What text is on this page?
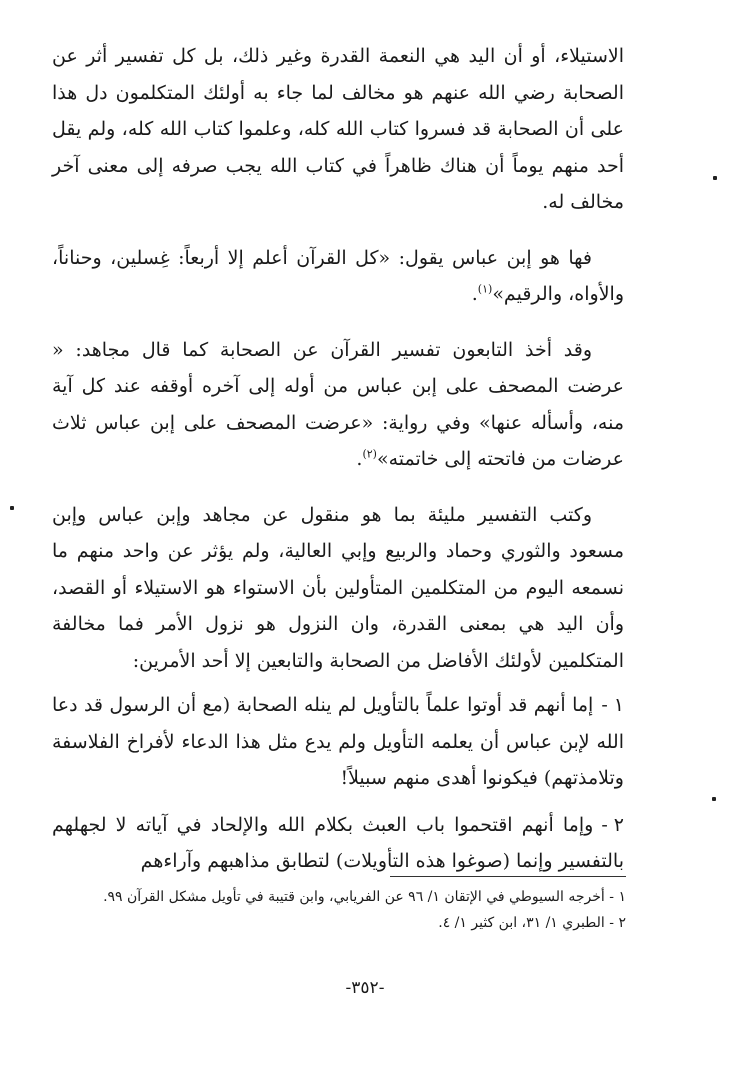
الاستيلاء، أو أن اليد هي النعمة القدرة وغير ذلك، بل كل تفسير أثر عن الصحابة رضي الله عنهم هو مخالف لما جاء به أولئك المتكلمون دل هذا على أن الصحابة قد فسروا كتاب الله كله، وعلموا كتاب الله كله، ولم يقل أحد منهم يوماً أن هناك ظاهراً في كتاب الله يجب صرفه إلى معنى آخر مخالف له.

فها هو إبن عباس يقول: «كل القرآن أعلم إلا أربعاً: غِسلين، وحناناً، والأواه، والرقيم»$^{(١)}$.

وقد أخذ التابعون تفسير القرآن عن الصحابة كما قال مجاهد: « عرضت المصحف على إبن عباس من أوله إلى آخره أوقفه عند كل آية منه، وأسأله عنها» وفي رواية: «عرضت المصحف على إبن عباس ثلاث عرضات من فاتحته إلى خاتمته»$^{(٢)}$.

وكتب التفسير مليئة بما هو منقول عن مجاهد وإبن عباس وإبن مسعود والثوري وحماد والربيع وإبي العالية، ولم يؤثر عن واحد منهم ما نسمعه اليوم من المتكلمين المتأولين بأن الاستواء هو الاستيلاء أو القصد، وأن اليد هي بمعنى القدرة، وان النزول هو نزول الأمر فما مخالفة المتكلمين لأولئك الأفاضل من الصحابة والتابعين إلا أحد الأمرين:

١ -إما أنهم قد أوتوا علماً بالتأويل لم ينله الصحابة (مع أن الرسول قد دعا الله لإبن عباس أن يعلمه التأويل ولم يدع مثل هذا الدعاء لأفراخ الفلاسفة وتلامذتهم) فيكونوا أهدى منهم سبيلاً!
٢ -وإما أنهم اقتحموا باب العبث بكلام الله والإلحاد في آياته لا لجهلهم بالتفسير وإنما (صوغوا هذه التأويلات) لتطابق مذاهبهم وآراءهم
١ - أخرجه السيوطي في الإتقان ١/ ٩٦ عن الفريابي، وابن قتيبة في تأويل مشكل القرآن ٩٩.
٢ - الطبري ١/ ٣١، ابن كثير ١/ ٤.
-٣٥٢-
